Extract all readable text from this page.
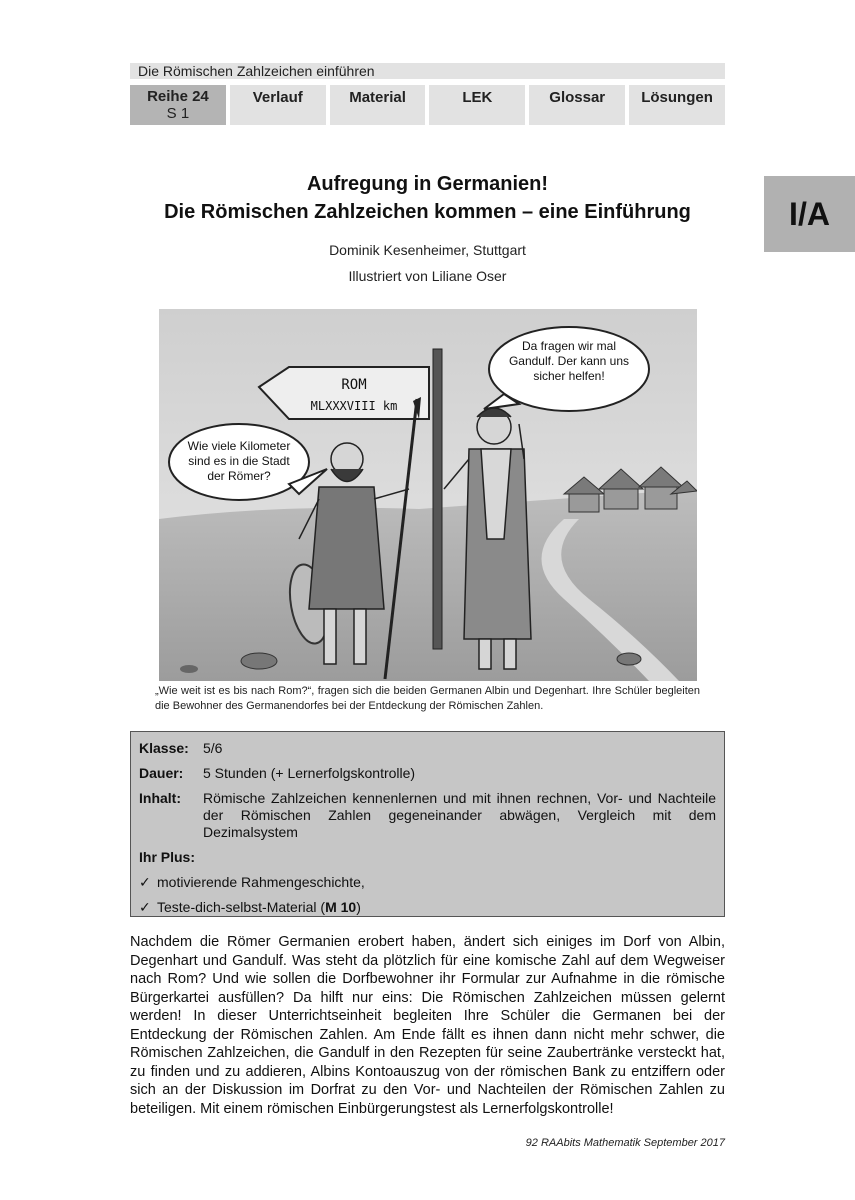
Die Römischen Zahlzeichen einführen
Reihe 24
S 1
Verlauf	Material	LEK	Glossar	Lösungen
I/A
Aufregung in Germanien!
Die Römischen Zahlzeichen kommen – eine Einführung
Dominik Kesenheimer, Stuttgart
Illustriert von Liliane Oser
ROM
MLXXXVIII km
Wie viele Kilometer sind es in die Stadt der Römer?
Da fragen wir mal Gandulf. Der kann uns sicher helfen!
„Wie weit ist es bis nach Rom?“, fragen sich die beiden Germanen Albin und Degenhart. Ihre Schüler begleiten die Bewohner des Germanendorfes bei der Entdeckung der Römischen Zahlen.
Klasse:	5/6
Dauer:	5 Stunden (+ Lernerfolgskontrolle)
Inhalt:	Römische Zahlzeichen kennenlernen und mit ihnen rechnen, Vor- und Nachteile der Römischen Zahlen gegeneinander abwägen, Vergleich mit dem Dezimalsystem
Ihr Plus:
✓ motivierende Rahmengeschichte,
✓ Teste-dich-selbst-Material (M 10)
Nachdem die Römer Germanien erobert haben, ändert sich einiges im Dorf von Albin, Degenhart und Gandulf. Was steht da plötzlich für eine komische Zahl auf dem Wegweiser nach Rom? Und wie sollen die Dorfbewohner ihr Formular zur Aufnahme in die römische Bürgerkartei ausfüllen? Da hilft nur eins: Die Römischen Zahlzeichen müssen gelernt werden! In dieser Unterrichtseinheit begleiten Ihre Schüler die Germanen bei der Entdeckung der Römischen Zahlen. Am Ende fällt es ihnen dann nicht mehr schwer, die Römischen Zahlzeichen, die Gandulf in den Rezepten für seine Zaubertränke versteckt hat, zu finden und zu addieren, Albins Kontoauszug von der römischen Bank zu entziffern oder sich an der Diskussion im Dorfrat zu den Vor- und Nachteilen der Römischen Zahlen zu beteiligen. Mit einem römischen Einbürgerungstest als Lernerfolgskontrolle!
92 RAAbits Mathematik September 2017
